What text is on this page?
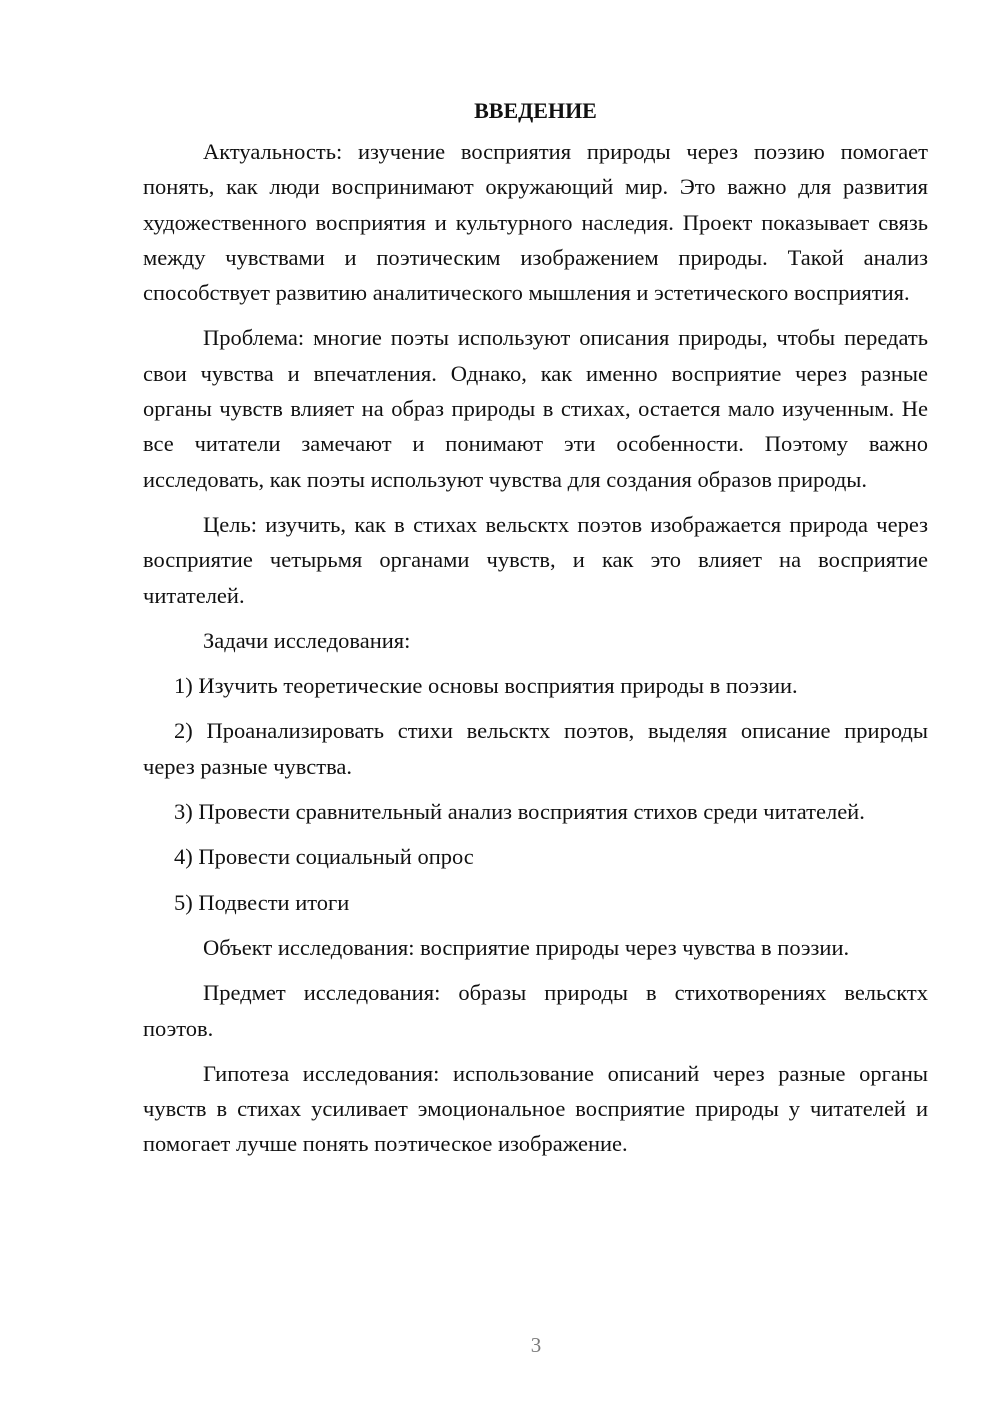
ВВЕДЕНИЕ

Актуальность: изучение восприятия природы через поэзию помогает понять, как люди воспринимают окружающий мир. Это важно для развития художественного восприятия и культурного наследия. Проект показывает связь между чувствами и поэтическим изображением природы. Такой анализ способствует развитию аналитического мышления и эстетического восприятия.

Проблема: многие поэты используют описания природы, чтобы передать свои чувства и впечатления. Однако, как именно восприятие через разные органы чувств влияет на образ природы в стихах, остается мало изученным. Не все читатели замечают и понимают эти особенности. Поэтому важно исследовать, как поэты используют чувства для создания образов природы.

Цель: изучить, как в стихах вельсктх поэтов изображается природа через восприятие четырьмя органами чувств, и как это влияет на восприятие читателей.

Задачи исследования:

1) Изучить теоретические основы восприятия природы в поэзии.

2) Проанализировать стихи вельсктх поэтов, выделяя описание природы через разные чувства.

3) Провести сравнительный анализ восприятия стихов среди читателей.

4) Провести социальный опрос

5) Подвести итоги

Объект исследования: восприятие природы через чувства в поэзии.

Предмет исследования: образы природы в стихотворениях вельсктх поэтов.

Гипотеза исследования: использование описаний через разные органы чувств в стихах усиливает эмоциональное восприятие природы у читателей и помогает лучше понять поэтическое изображение.

3
